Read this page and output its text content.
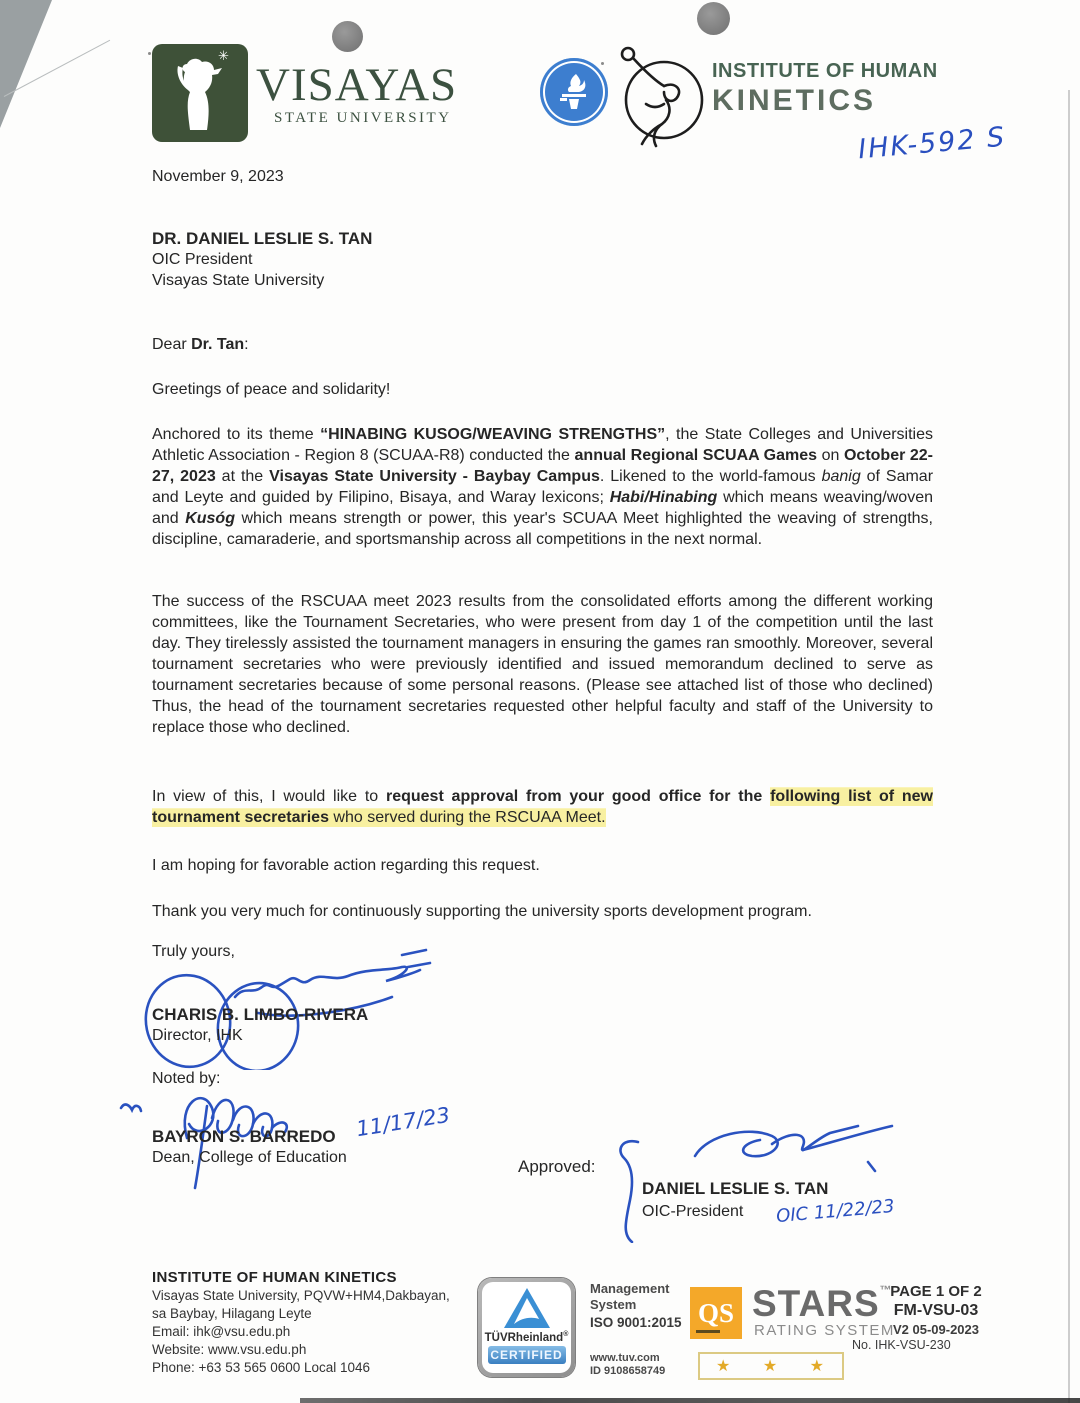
✳
✳ VISAYAS
STATE UNIVERSITY
INSTITUTE OF HUMAN
KINETICS
IHK-592 S
November 9, 2023
DR. DANIEL LESLIE S. TAN
OIC President
Visayas State University
Dear Dr. Tan:
Greetings of peace and solidarity!
Anchored to its theme “HINABING KUSOG/WEAVING STRENGTHS”, the State Colleges and Universities Athletic Association - Region 8 (SCUAA-R8) conducted the annual Regional SCUAA Games on October 22-27, 2023 at the Visayas State University - Baybay Campus. Likened to the world-famous banig of Samar and Leyte and guided by Filipino, Bisaya, and Waray lexicons; Habi/Hinabing which means weaving/woven and Kusóg which means strength or power, this year's SCUAA Meet highlighted the weaving of strengths, discipline, camaraderie, and sportsmanship across all competitions in the next normal.
The success of the RSCUAA meet 2023 results from the consolidated efforts among the different working committees, like the Tournament Secretaries, who were present from day 1 of the competition until the last day. They tirelessly assisted the tournament managers in ensuring the games ran smoothly. Moreover, several tournament secretaries who were previously identified and issued memorandum declined to serve as tournament secretaries because of some personal reasons. (Please see attached list of those who declined) Thus, the head of the tournament secretaries requested other helpful faculty and staff of the University to replace those who declined.
In view of this, I would like to request approval from your good office for the following list of new tournament secretaries who served during the RSCUAA Meet.
I am hoping for favorable action regarding this request.
Thank you very much for continuously supporting the university sports development program.
Truly yours,
CHARIS B. LIMBO-RIVERA
Director, IHK
Noted by:
11/17/23
BAYRON S. BARREDO
Dean, College of Education	Approved:
DANIEL LESLIE S. TAN
OIC-President	OIC 11/22/23
INSTITUTE OF HUMAN KINETICS
Visayas State University, PQVW+HM4,Dakbayan,
sa Baybay, Hilagang Leyte
Email: ihk@vsu.edu.ph
Website: www.vsu.edu.ph
Phone: +63 53 565 0600 Local 1046
TÜVRheinland®
CERTIFIED
Management
System
ISO 9001:2015
www.tuv.com
ID 9108658749
QS STARS™
RATING SYSTEM
★ ★ ★
PAGE 1 OF 2
FM-VSU-03
V2 05-09-2023
No. IHK-VSU-230
